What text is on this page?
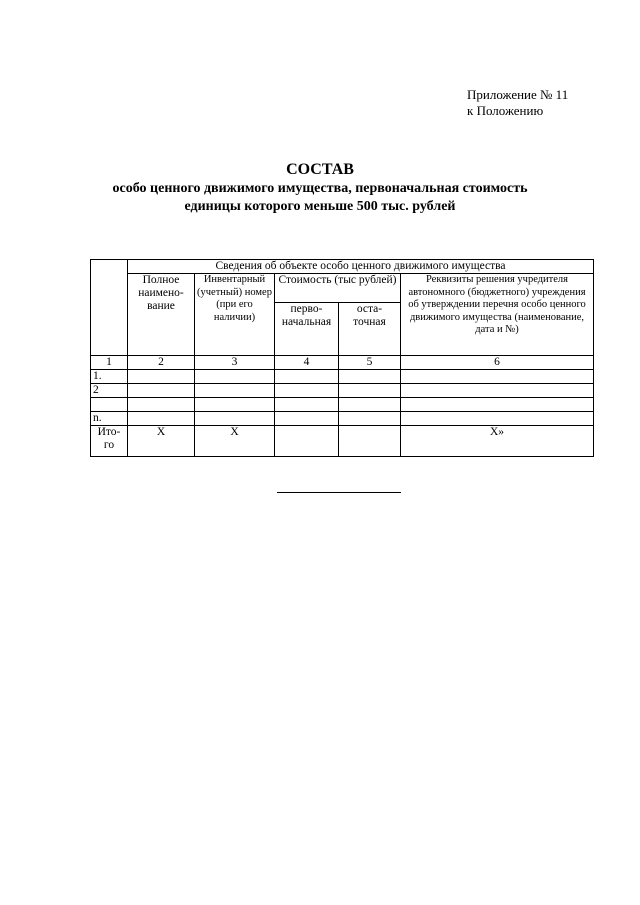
Приложение № 11
к Положению
СОСТАВ
особо ценного движимого имущества, первоначальная стоимость
единицы которого меньше 500 тыс. рублей
	Сведения об объекте особо ценного движимого имущества				
	Полное наимено- вание	Инвентарный (учетный) номер (при его наличии)	Стоимость (тыс рублей)		Реквизиты решения учредителя автономного (бюджетного) учреждения об утверждении перечня особо ценного движимого имущества (наименование, дата и №)
			перво- начальная	оста- точная	
1	2	3	4	5	6
1.					
2					

n.					
Ито- го	X	X			X»
